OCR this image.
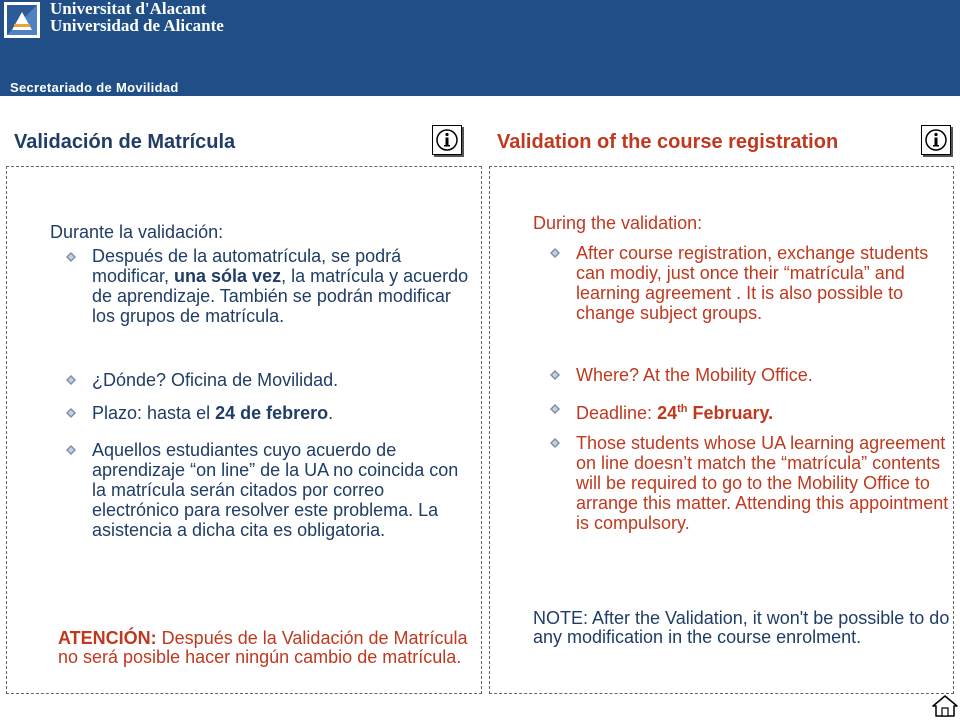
Universitat d'Alacant
Universidad de Alicante
Secretariado de Movilidad
Validación de Matrícula	Validation of the course registration
Durante la validación:
Después de la automatrícula, se podrá modificar, una sóla vez, la matrícula y acuerdo de aprendizaje. También se podrán modificar los grupos de matrícula.
¿Dónde? Oficina de Movilidad.
Plazo: hasta el 24 de febrero.
Aquellos estudiantes cuyo acuerdo de aprendizaje “on line” de la UA no coincida con la matrícula serán citados por correo electrónico para resolver este problema. La asistencia a dicha cita es obligatoria.
ATENCIÓN: Después de la Validación de Matrícula no será posible hacer ningún cambio de matrícula.
During the validation:
After course registration, exchange students can modiy, just once their “matrícula” and learning agreement . It is also possible to change subject groups.
Where? At the Mobility Office.
Deadline: 24th February.
Those students whose UA learning agreement on line doesn’t match the “matrícula” contents will be required to go to the Mobility Office to arrange this matter. Attending this appointment is compulsory.
NOTE: After the Validation, it won't be possible to do any modification in the course enrolment.
